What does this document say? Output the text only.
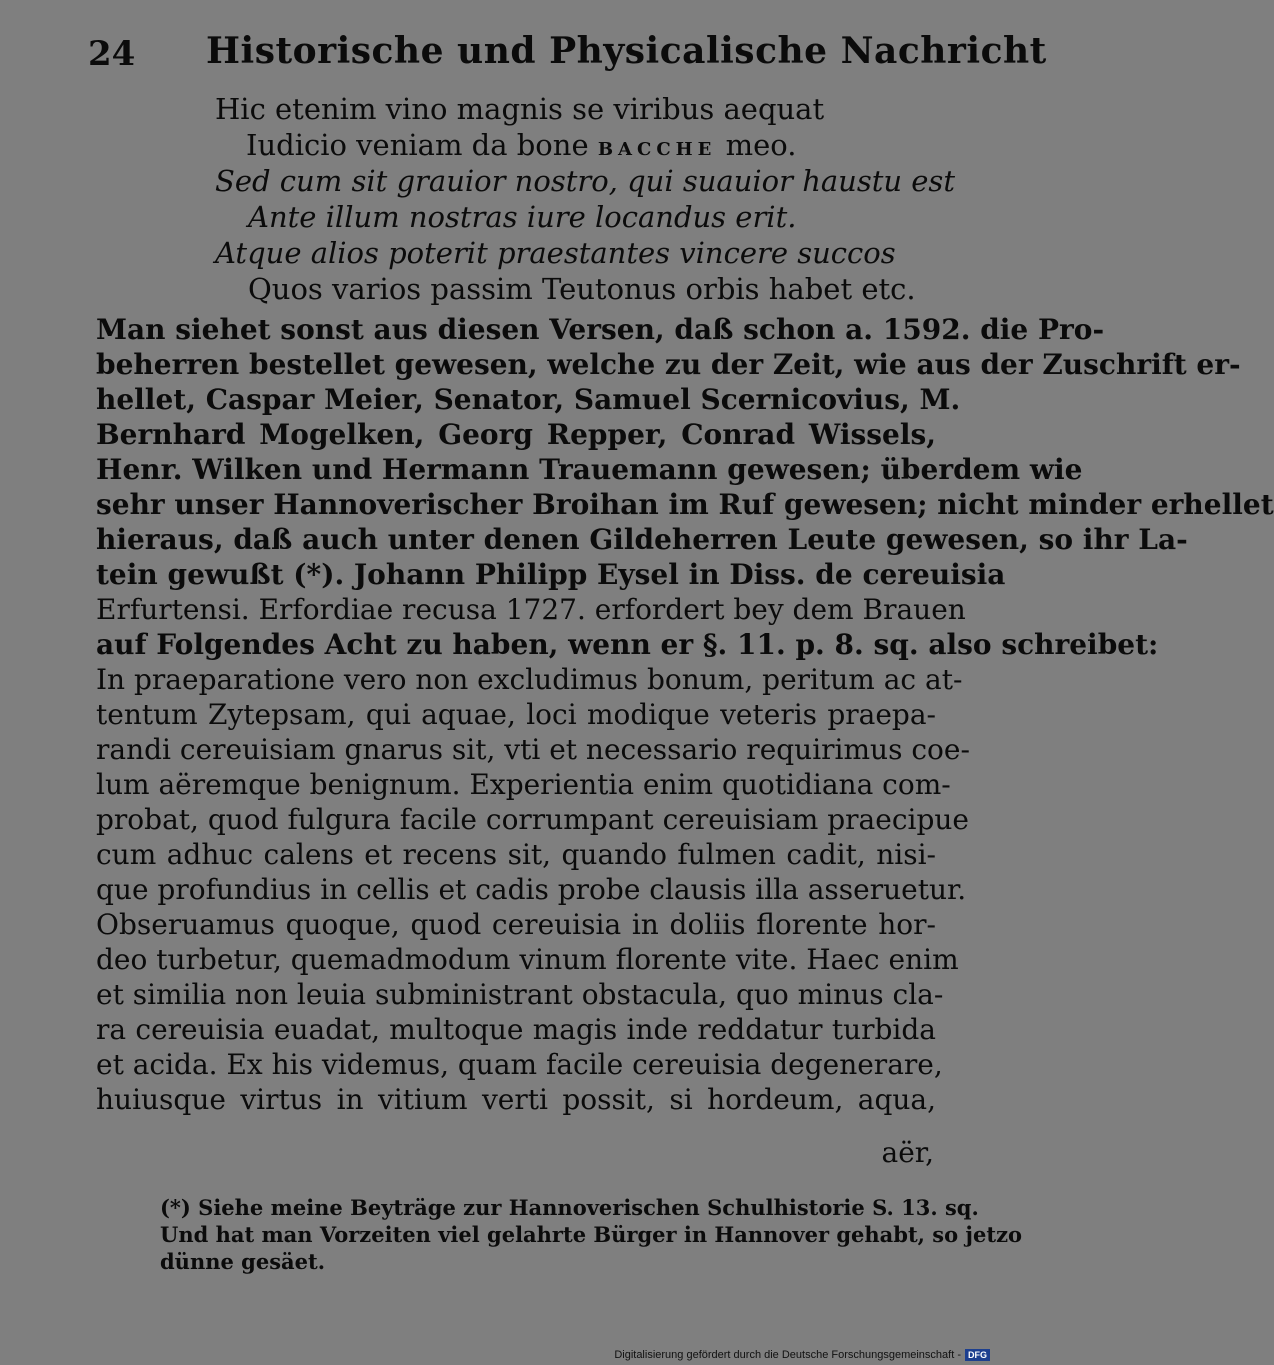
24 Historische und Physicalische Nachricht
Hic etenim vino magnis se viribus aequat
Iudicio veniam da bone BACCHE meo.
Sed cum sit grauior nostro, qui suauior haustu est
Ante illum nostras iure locandus erit.
Atque alios poterit praestantes vincere succos
Quos varios passim Teutonus orbis habet etc.
Man siehet sonst aus diesen Versen, daß schon a. 1592. die Pro-
beherren bestellet gewesen, welche zu der Zeit, wie aus der Zuschrift er-
hellet, Caspar Meier, Senator, Samuel Scernicovius, M.
Bernhard Mogelken, Georg Repper, Conrad Wissels,
Henr. Wilken und Hermann Trauemann gewesen; überdem wie
sehr unser Hannoverischer Broihan im Ruf gewesen; nicht minder erhellet
hieraus, daß auch unter denen Gildeherren Leute gewesen, so ihr La-
tein gewußt (*). Johann Philipp Eysel in Diss. de cereuisia
Erfurtensi. Erfordiae recusa 1727. erfordert bey dem Brauen
auf Folgendes Acht zu haben, wenn er §. 11. p. 8. sq. also schreibet:
In praeparatione vero non excludimus bonum, peritum ac at-
tentum Zytepsam, qui aquae, loci modique veteris praepa-
randi cereuisiam gnarus sit, vti et necessario requirimus coe-
lum aëremque benignum. Experientia enim quotidiana com-
probat, quod fulgura facile corrumpant cereuisiam praecipue
cum adhuc calens et recens sit, quando fulmen cadit, nisi-
que profundius in cellis et cadis probe clausis illa asseruetur.
Obseruamus quoque, quod cereuisia in doliis florente hor-
deo turbetur, quemadmodum vinum florente vite. Haec enim
et similia non leuia subministrant obstacula, quo minus cla-
ra cereuisia euadat, multoque magis inde reddatur turbida
et acida. Ex his videmus, quam facile cereuisia degenerare,
huiusque virtus in vitium verti possit, si hordeum, aqua,
aër,
(*) Siehe meine Beyträge zur Hannoverischen Schulhistorie S. 13. sq.
Und hat man Vorzeiten viel gelahrte Bürger in Hannover gehabt, so jetzo
dünne gesäet.
Digitalisierung gefördert durch die Deutsche Forschungsgemeinschaft - DFG
